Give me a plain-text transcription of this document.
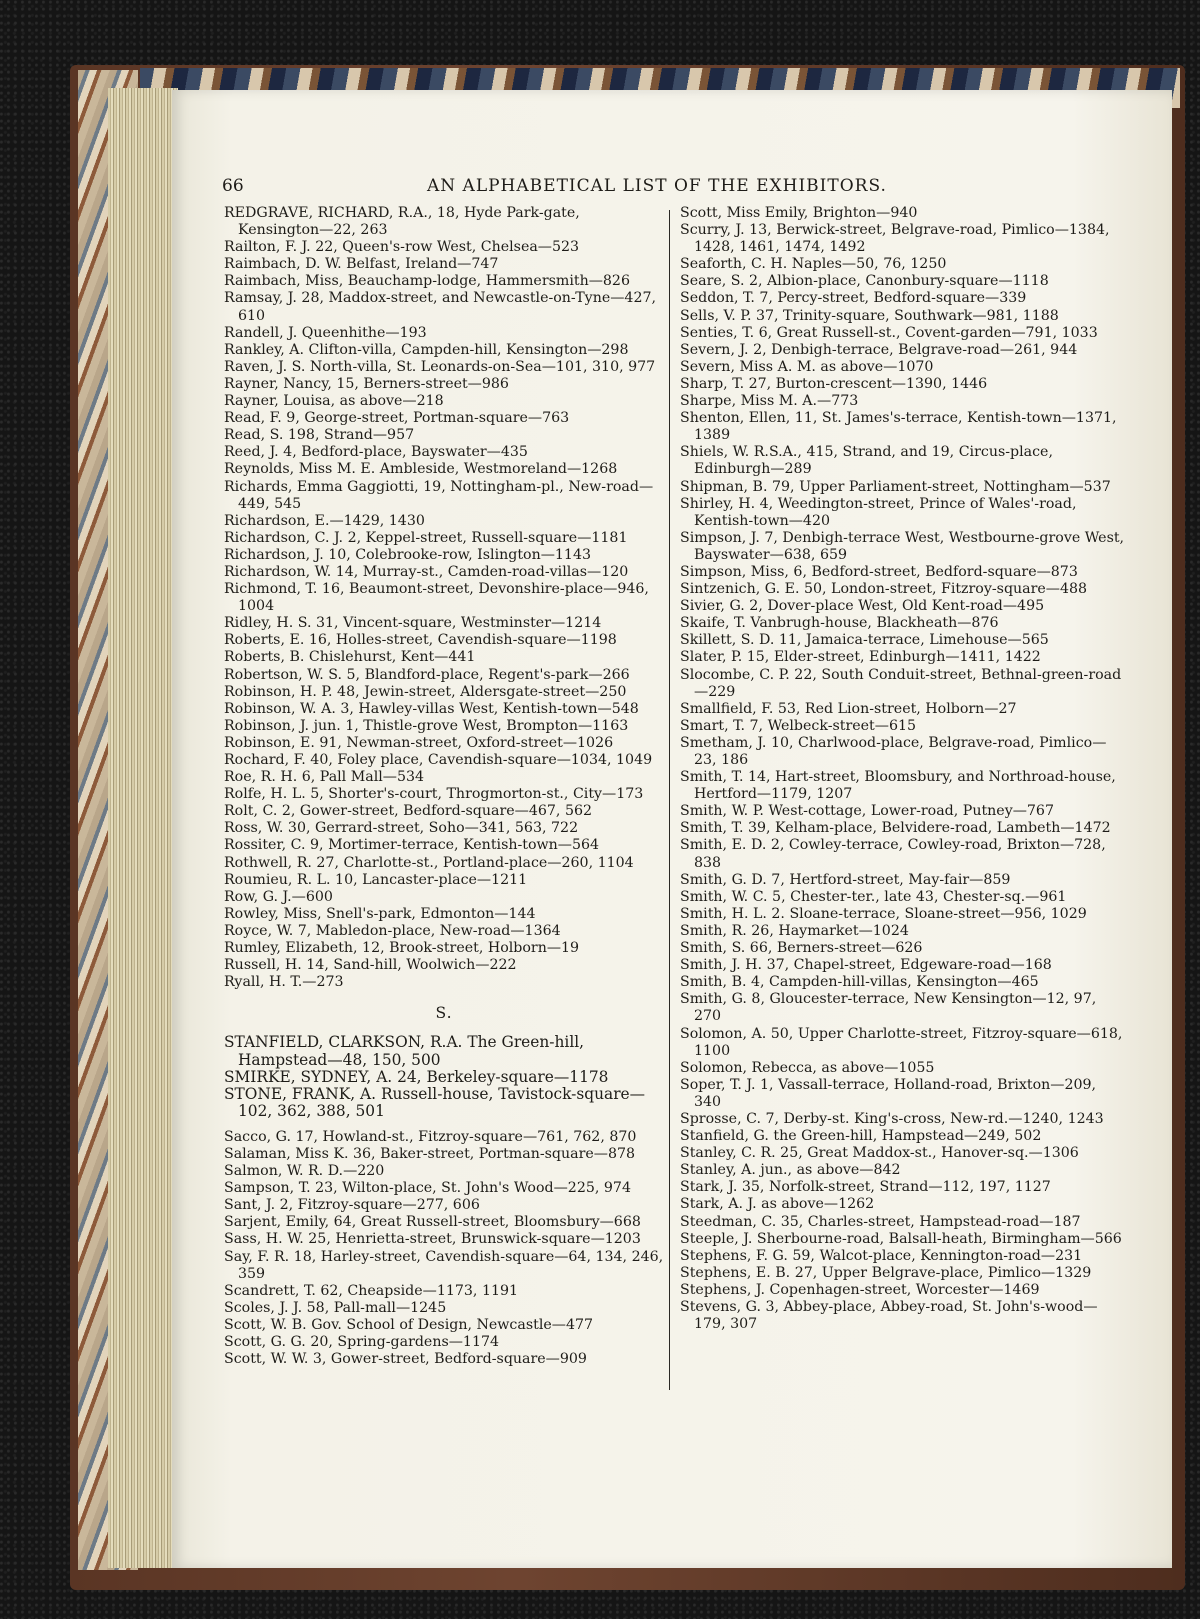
66	AN ALPHABETICAL LIST OF THE EXHIBITORS.

REDGRAVE, RICHARD, R.A., 18, Hyde Park-gate, Kensington—22, 263

Railton, F. J. 22, Queen's-row West, Chelsea—523

Raimbach, D. W. Belfast, Ireland—747

Raimbach, Miss, Beauchamp-lodge, Hammersmith—826

Ramsay, J. 28, Maddox-street, and Newcastle-on-Tyne—427, 610

Randell, J. Queenhithe—193

Rankley, A. Clifton-villa, Campden-hill, Kensington—298

Raven, J. S. North-villa, St. Leonards-on-Sea—101, 310, 977

Rayner, Nancy, 15, Berners-street—986

Rayner, Louisa, as above—218

Read, F. 9, George-street, Portman-square—763

Read, S. 198, Strand—957

Reed, J. 4, Bedford-place, Bayswater—435

Reynolds, Miss M. E. Ambleside, Westmoreland—1268

Richards, Emma Gaggiotti, 19, Nottingham-pl., New-road—449, 545

Richardson, E.—1429, 1430

Richardson, C. J. 2, Keppel-street, Russell-square—1181

Richardson, J. 10, Colebrooke-row, Islington—1143

Richardson, W. 14, Murray-st., Camden-road-villas—120

Richmond, T. 16, Beaumont-street, Devonshire-place—946, 1004

Ridley, H. S. 31, Vincent-square, Westminster—1214

Roberts, E. 16, Holles-street, Cavendish-square—1198

Roberts, B. Chislehurst, Kent—441

Robertson, W. S. 5, Blandford-place, Regent's-park—266

Robinson, H. P. 48, Jewin-street, Aldersgate-street—250

Robinson, W. A. 3, Hawley-villas West, Kentish-town—548

Robinson, J. jun. 1, Thistle-grove West, Brompton—1163

Robinson, E. 91, Newman-street, Oxford-street—1026

Rochard, F. 40, Foley place, Cavendish-square—1034, 1049

Roe, R. H. 6, Pall Mall—534

Rolfe, H. L. 5, Shorter's-court, Throgmorton-st., City—173

Rolt, C. 2, Gower-street, Bedford-square—467, 562

Ross, W. 30, Gerrard-street, Soho—341, 563, 722

Rossiter, C. 9, Mortimer-terrace, Kentish-town—564

Rothwell, R. 27, Charlotte-st., Portland-place—260, 1104

Roumieu, R. L. 10, Lancaster-place—1211

Row, G. J.—600

Rowley, Miss, Snell's-park, Edmonton—144

Royce, W. 7, Mabledon-place, New-road—1364

Rumley, Elizabeth, 12, Brook-street, Holborn—19

Russell, H. 14, Sand-hill, Woolwich—222

Ryall, H. T.—273

S.

STANFIELD, CLARKSON, R.A. The Green-hill, Hampstead—48, 150, 500

SMIRKE, SYDNEY, A. 24, Berkeley-square—1178

STONE, FRANK, A. Russell-house, Tavistock-square—102, 362, 388, 501

Sacco, G. 17, Howland-st., Fitzroy-square—761, 762, 870

Salaman, Miss K. 36, Baker-street, Portman-square—878

Salmon, W. R. D.—220

Sampson, T. 23, Wilton-place, St. John's Wood—225, 974

Sant, J. 2, Fitzroy-square—277, 606

Sarjent, Emily, 64, Great Russell-street, Bloomsbury—668

Sass, H. W. 25, Henrietta-street, Brunswick-square—1203

Say, F. R. 18, Harley-street, Cavendish-square—64, 134, 246, 359

Scandrett, T. 62, Cheapside—1173, 1191

Scoles, J. J. 58, Pall-mall—1245

Scott, W. B. Gov. School of Design, Newcastle—477

Scott, G. G. 20, Spring-gardens—1174

Scott, W. W. 3, Gower-street, Bedford-square—909

Scott, Miss Emily, Brighton—940

Scurry, J. 13, Berwick-street, Belgrave-road, Pimlico—1384, 1428, 1461, 1474, 1492

Seaforth, C. H. Naples—50, 76, 1250

Seare, S. 2, Albion-place, Canonbury-square—1118

Seddon, T. 7, Percy-street, Bedford-square—339

Sells, V. P. 37, Trinity-square, Southwark—981, 1188

Senties, T. 6, Great Russell-st., Covent-garden—791, 1033

Severn, J. 2, Denbigh-terrace, Belgrave-road—261, 944

Severn, Miss A. M. as above—1070

Sharp, T. 27, Burton-crescent—1390, 1446

Sharpe, Miss M. A.—773

Shenton, Ellen, 11, St. James's-terrace, Kentish-town—1371, 1389

Shiels, W. R.S.A., 415, Strand, and 19, Circus-place, Edinburgh—289

Shipman, B. 79, Upper Parliament-street, Nottingham—537

Shirley, H. 4, Weedington-street, Prince of Wales'-road, Kentish-town—420

Simpson, J. 7, Denbigh-terrace West, Westbourne-grove West, Bayswater—638, 659

Simpson, Miss, 6, Bedford-street, Bedford-square—873

Sintzenich, G. E. 50, London-street, Fitzroy-square—488

Sivier, G. 2, Dover-place West, Old Kent-road—495

Skaife, T. Vanbrugh-house, Blackheath—876

Skillett, S. D. 11, Jamaica-terrace, Limehouse—565

Slater, P. 15, Elder-street, Edinburgh—1411, 1422

Slocombe, C. P. 22, South Conduit-street, Bethnal-green-road—229

Smallfield, F. 53, Red Lion-street, Holborn—27

Smart, T. 7, Welbeck-street—615

Smetham, J. 10, Charlwood-place, Belgrave-road, Pimlico—23, 186

Smith, T. 14, Hart-street, Bloomsbury, and Northroad-house, Hertford—1179, 1207

Smith, W. P. West-cottage, Lower-road, Putney—767

Smith, T. 39, Kelham-place, Belvidere-road, Lambeth—1472

Smith, E. D. 2, Cowley-terrace, Cowley-road, Brixton—728, 838

Smith, G. D. 7, Hertford-street, May-fair—859

Smith, W. C. 5, Chester-ter., late 43, Chester-sq.—961

Smith, H. L. 2. Sloane-terrace, Sloane-street—956, 1029

Smith, R. 26, Haymarket—1024

Smith, S. 66, Berners-street—626

Smith, J. H. 37, Chapel-street, Edgeware-road—168

Smith, B. 4, Campden-hill-villas, Kensington—465

Smith, G. 8, Gloucester-terrace, New Kensington—12, 97, 270

Solomon, A. 50, Upper Charlotte-street, Fitzroy-square—618, 1100

Solomon, Rebecca, as above—1055

Soper, T. J. 1, Vassall-terrace, Holland-road, Brixton—209, 340

Sprosse, C. 7, Derby-st. King's-cross, New-rd.—1240, 1243

Stanfield, G. the Green-hill, Hampstead—249, 502

Stanley, C. R. 25, Great Maddox-st., Hanover-sq.—1306

Stanley, A. jun., as above—842

Stark, J. 35, Norfolk-street, Strand—112, 197, 1127

Stark, A. J. as above—1262

Steedman, C. 35, Charles-street, Hampstead-road—187

Steeple, J. Sherbourne-road, Balsall-heath, Birmingham—566

Stephens, F. G. 59, Walcot-place, Kennington-road—231

Stephens, E. B. 27, Upper Belgrave-place, Pimlico—1329

Stephens, J. Copenhagen-street, Worcester—1469

Stevens, G. 3, Abbey-place, Abbey-road, St. John's-wood—179, 307
